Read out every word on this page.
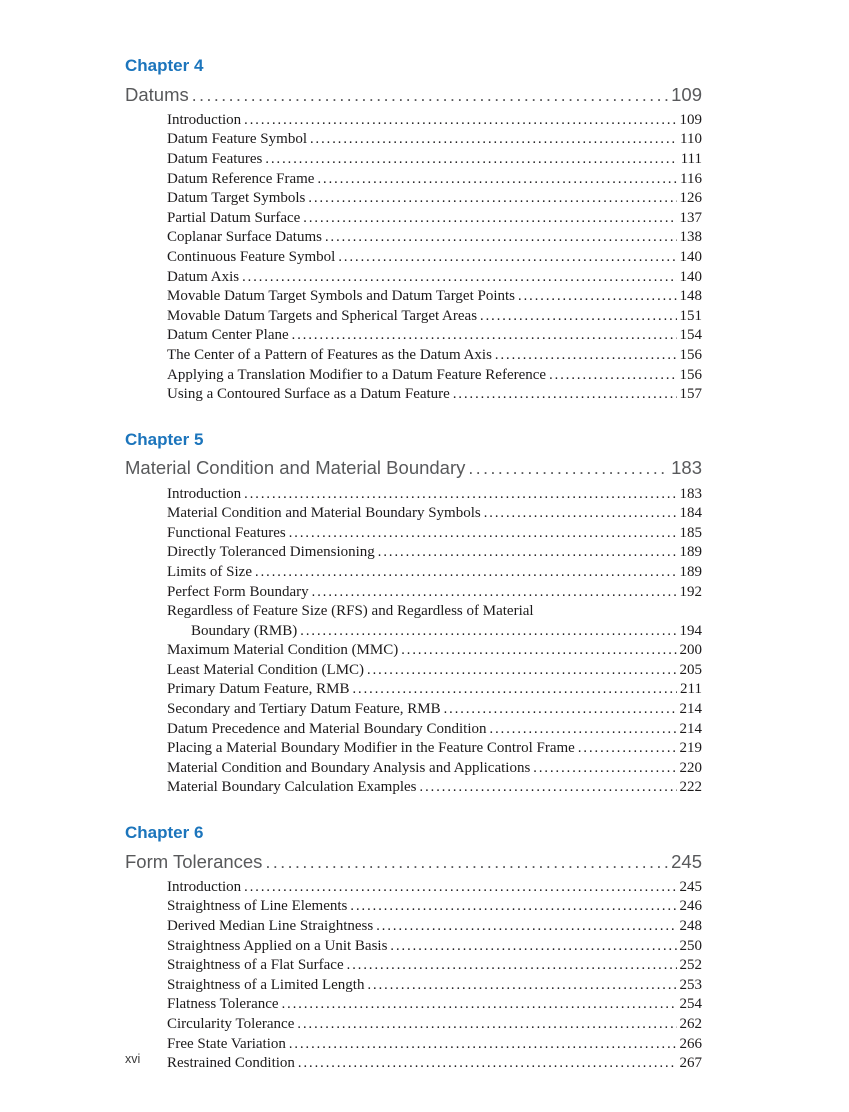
Chapter 4
Datums .....	109
Introduction .....	109
Datum Feature Symbol .....	110
Datum Features .....	111
Datum Reference Frame .....	116
Datum Target Symbols .....	126
Partial Datum Surface .....	137
Coplanar Surface Datums .....	138
Continuous Feature Symbol .....	140
Datum Axis .....	140
Movable Datum Target Symbols and Datum Target Points .....	148
Movable Datum Targets and Spherical Target Areas .....	151
Datum Center Plane .....	154
The Center of a Pattern of Features as the Datum Axis .....	156
Applying a Translation Modifier to a Datum Feature Reference .....	156
Using a Contoured Surface as a Datum Feature .....	157
Chapter 5
Material Condition and Material Boundary .....	183
Introduction .....	183
Material Condition and Material Boundary Symbols .....	184
Functional Features .....	185
Directly Toleranced Dimensioning .....	189
Limits of Size .....	189
Perfect Form Boundary .....	192
Regardless of Feature Size (RFS) and Regardless of Material
Boundary (RMB) .....	194
Maximum Material Condition (MMC) .....	200
Least Material Condition (LMC) .....	205
Primary Datum Feature, RMB .....	211
Secondary and Tertiary Datum Feature, RMB .....	214
Datum Precedence and Material Boundary Condition .....	214
Placing a Material Boundary Modifier in the Feature Control Frame .....	219
Material Condition and Boundary Analysis and Applications .....	220
Material Boundary Calculation Examples .....	222
Chapter 6
Form Tolerances .....	245
Introduction .....	245
Straightness of Line Elements .....	246
Derived Median Line Straightness .....	248
Straightness Applied on a Unit Basis .....	250
Straightness of a Flat Surface .....	252
Straightness of a Limited Length .....	253
Flatness Tolerance .....	254
Circularity Tolerance .....	262
Free State Variation .....	266
Restrained Condition .....	267
xvi
